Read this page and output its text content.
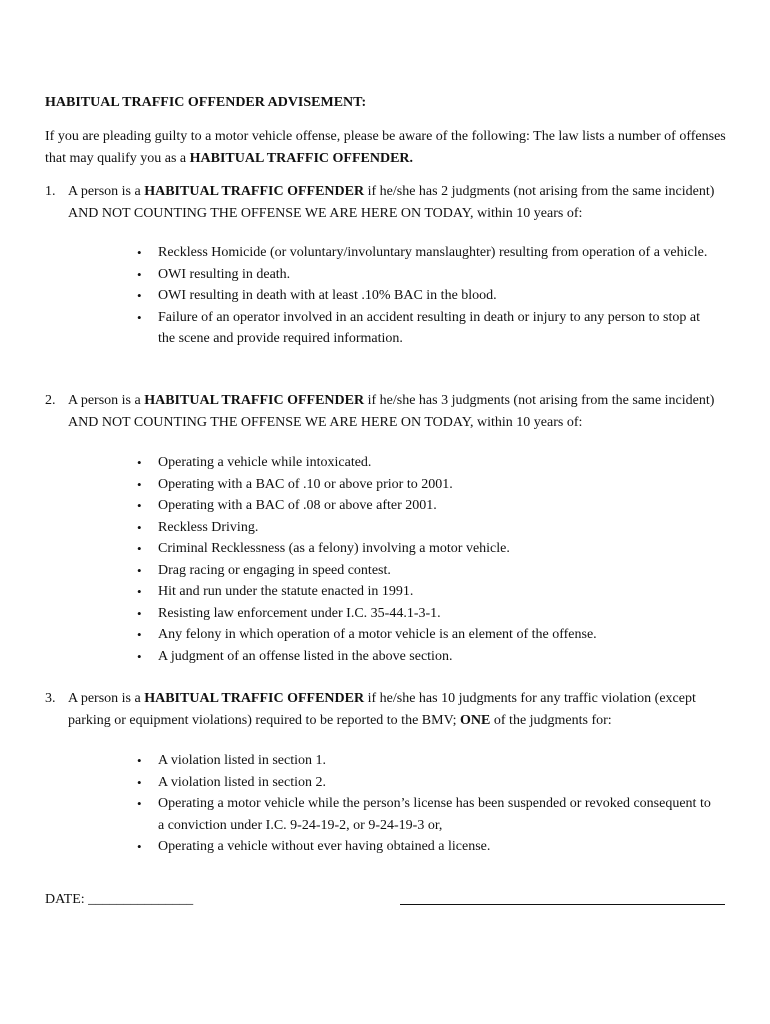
HABITUAL TRAFFIC OFFENDER ADVISEMENT:
If you are pleading guilty to a motor vehicle offense, please be aware of the following: The law lists a number of offenses that may qualify you as a HABITUAL TRAFFIC OFFENDER.
1. A person is a HABITUAL TRAFFIC OFFENDER if he/she has 2 judgments (not arising from the same incident) AND NOT COUNTING THE OFFENSE WE ARE HERE ON TODAY, within 10 years of:
• Reckless Homicide (or voluntary/involuntary manslaughter) resulting from operation of a vehicle.
• OWI resulting in death.
• OWI resulting in death with at least .10% BAC in the blood.
• Failure of an operator involved in an accident resulting in death or injury to any person to stop at the scene and provide required information.
2. A person is a HABITUAL TRAFFIC OFFENDER if he/she has 3 judgments (not arising from the same incident) AND NOT COUNTING THE OFFENSE WE ARE HERE ON TODAY, within 10 years of:
• Operating a vehicle while intoxicated.
• Operating with a BAC of .10 or above prior to 2001.
• Operating with a BAC of .08 or above after 2001.
• Reckless Driving.
• Criminal Recklessness (as a felony) involving a motor vehicle.
• Drag racing or engaging in speed contest.
• Hit and run under the statute enacted in 1991.
• Resisting law enforcement under I.C. 35-44.1-3-1.
• Any felony in which operation of a motor vehicle is an element of the offense.
• A judgment of an offense listed in the above section.
3. A person is a HABITUAL TRAFFIC OFFENDER if he/she has 10 judgments for any traffic violation (except parking or equipment violations) required to be reported to the BMV; ONE of the judgments for:
• A violation listed in section 1.
• A violation listed in section 2.
• Operating a motor vehicle while the person’s license has been suspended or revoked consequent to a conviction under I.C. 9-24-19-2, or 9-24-19-3 or,
• Operating a vehicle without ever having obtained a license.
DATE: _______________
